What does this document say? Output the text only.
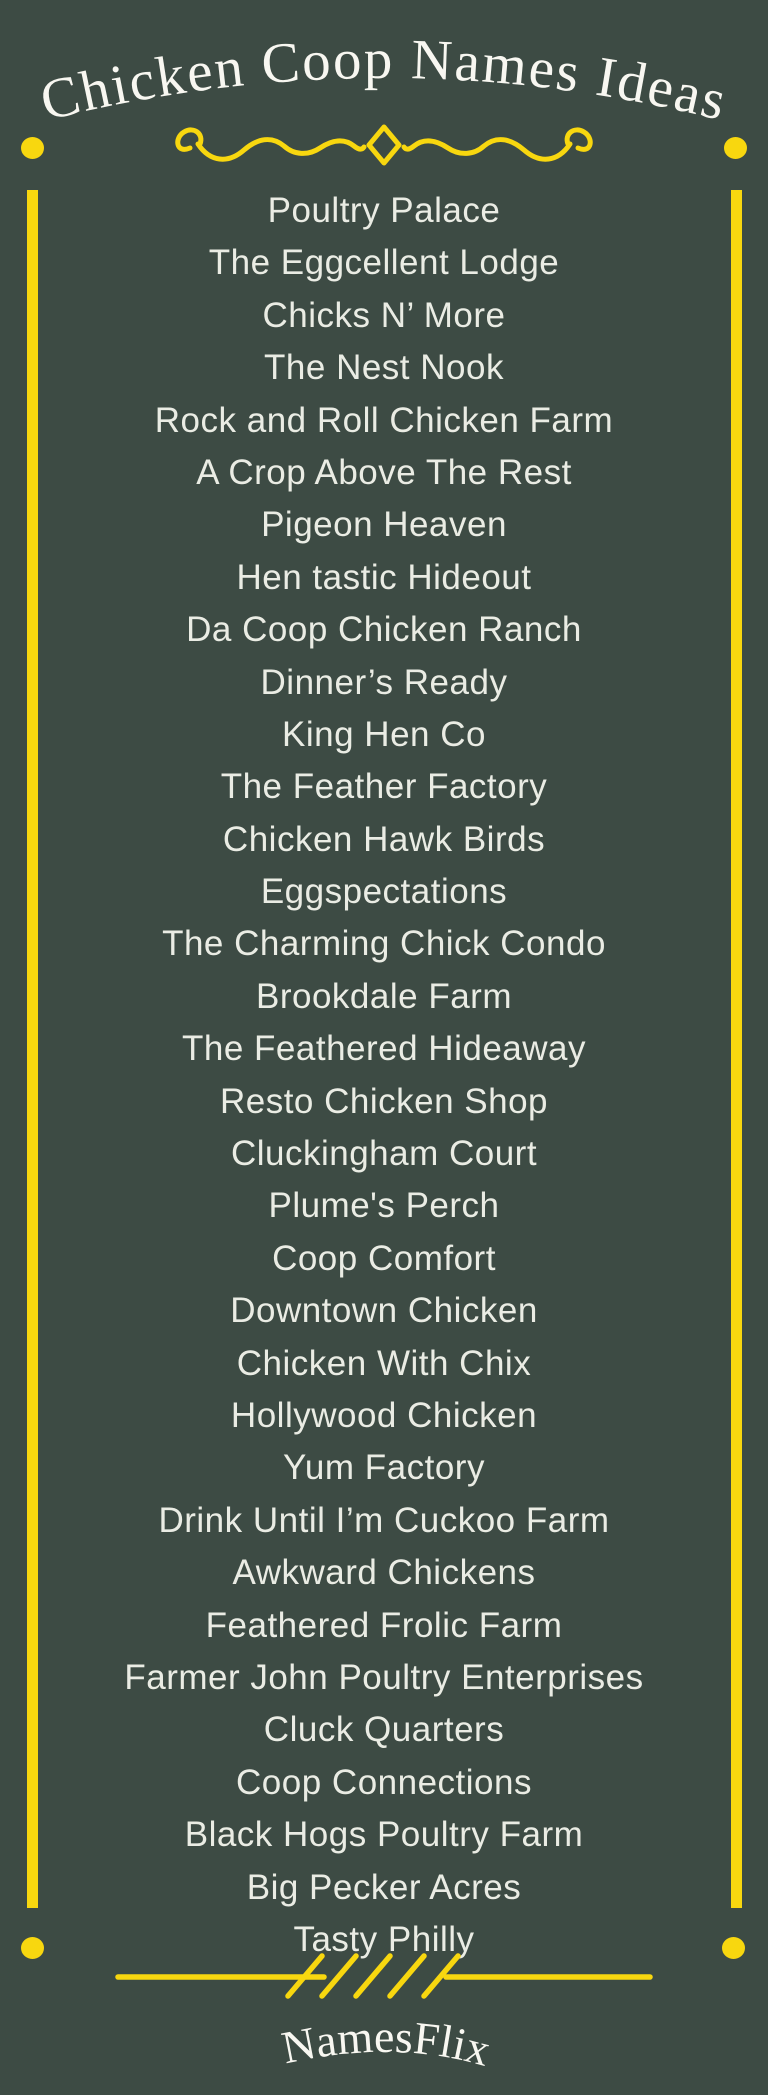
Chicken Coop Names Ideas
Poultry Palace
The Eggcellent Lodge
Chicks N’ More
The Nest Nook
Rock and Roll Chicken Farm
A Crop Above The Rest
Pigeon Heaven
Hen tastic Hideout
Da Coop Chicken Ranch
Dinner’s Ready
King Hen Co
The Feather Factory
Chicken Hawk Birds
Eggspectations
The Charming Chick Condo
Brookdale Farm
The Feathered Hideaway
Resto Chicken Shop
Cluckingham Court
Plume's Perch
Coop Comfort
Downtown Chicken
Chicken With Chix
Hollywood Chicken
Yum Factory
Drink Until I’m Cuckoo Farm
Awkward Chickens
Feathered Frolic Farm
Farmer John Poultry Enterprises
Cluck Quarters
Coop Connections
Black Hogs Poultry Farm
Big Pecker Acres
Tasty Philly
NamesFlix
